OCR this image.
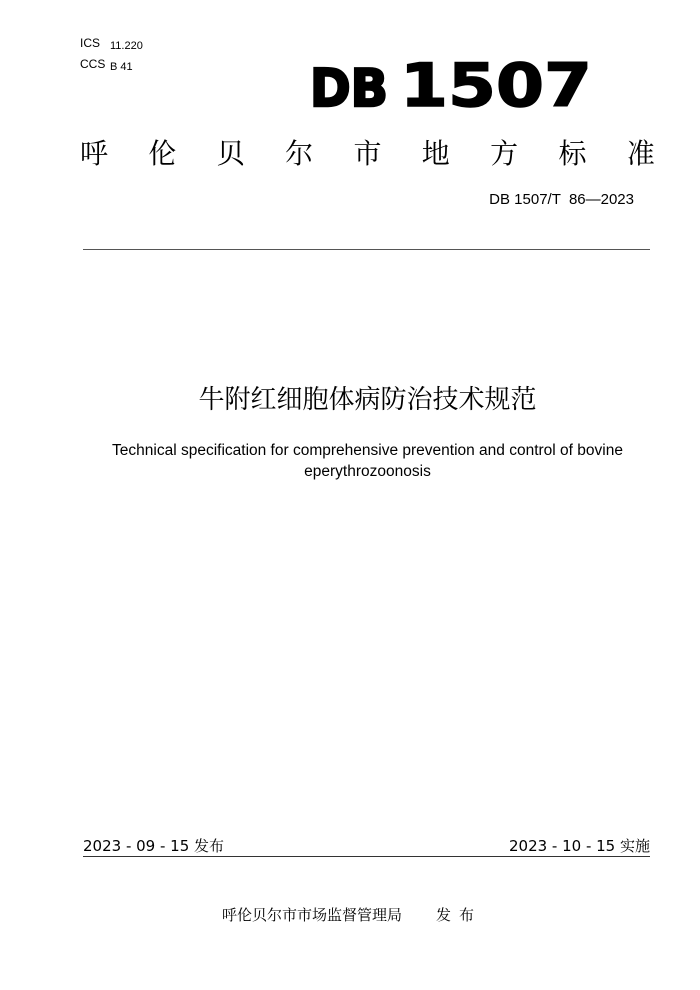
ICS 11.220
CCS B 41	DB 1507
呼 伦 贝 尔 市 地 方 标 准
DB 1507/T  86—2023
牛附红细胞体病防治技术规范
Technical specification for comprehensive prevention and control of bovine
eperythrozoonosis
2023 - 09 - 15 发布	2023 - 10 - 15 实施
呼伦贝尔市市场监督管理局 发布
